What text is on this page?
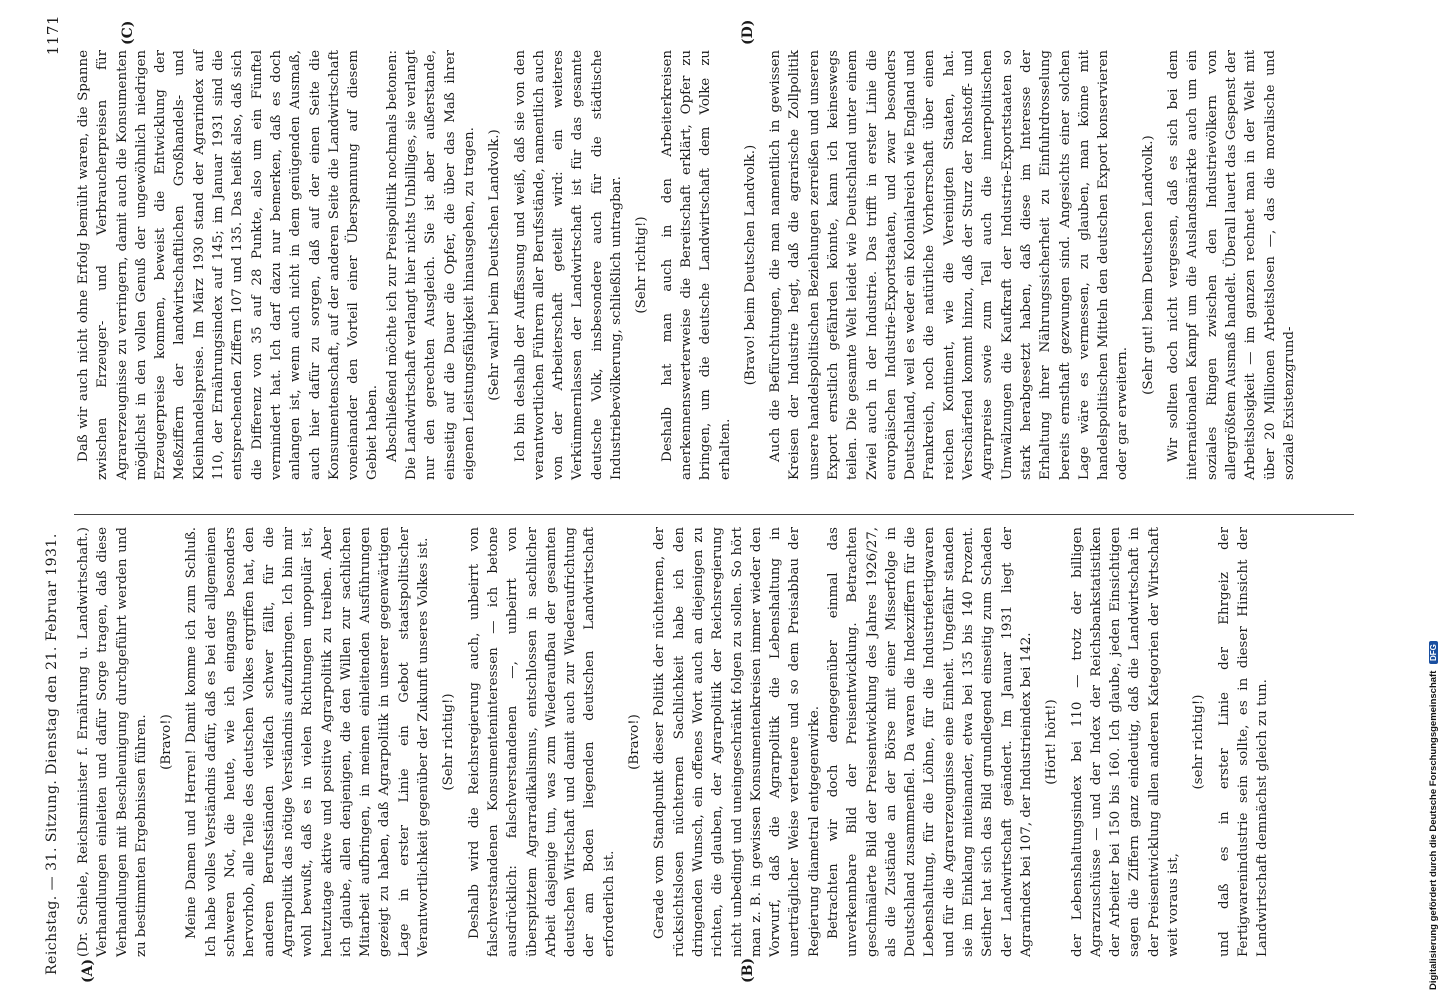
Reichstag. — 31. Sitzung. Dienstag den 21. Februar 1931.
1171

(Dr. Schiele, Reichsminister f. Ernährung u. Landwirtschaft.) Verhandlungen einleiten und dafür Sorge tragen, daß diese Verhandlungen mit Beschleunigung durchgeführt werden und zu bestimmten Ergebnissen führen. (Bravo!) Meine Damen und Herren! Damit komme ich zum Schluß. Ich habe volles Verständnis dafür, daß es bei der allgemeinen schweren Not, die heute, wie ich eingangs besonders hervorhob, alle Teile des deutschen Volkes ergriffen hat, den anderen Berufsständen vielfach schwer fällt, für die Agrarpolitik das nötige Verständnis aufzubringen. Ich bin mir wohl bewußt, daß es in vielen Richtungen unpopulär ist, heutzutage aktive und positive Agrarpolitik zu treiben. Aber ich glaube, allen denjenigen, die den Willen zur sachlichen Mitarbeit aufbringen, in meinen einleitenden Ausführungen gezeigt zu haben, daß Agrarpolitik in unserer gegenwärtigen Lage in erster Linie ein Gebot staatspolitischer Verantwortlichkeit gegenüber der Zukunft unseres Volkes ist. (Sehr richtig!) Deshalb wird die Reichsregierung auch, unbeirrt von falschverstandenen Konsumenteninteressen — ich betone ausdrücklich: falschverstandenen —, unbeirrt von überspitztem Agrarradikalismus, entschlossen in sachlicher Arbeit dasjenige tun, was zum Wiederaufbau der gesamten deutschen Wirtschaft und damit auch zur Wiederaufrichtung der am Boden liegenden deutschen Landwirtschaft erforderlich ist.

(Bravo!) Gerade vom Standpunkt dieser Politik der nüchternen, der rücksichtslosen nüchternen Sachlichkeit habe ich den dringenden Wunsch, ein offenes Wort auch an diejenigen zu richten, die glauben, der Agrarpolitik der Reichsregierung nicht unbedingt und uneingeschränkt folgen zu sollen. So hört man z. B. in gewissen Konsumentenkreisen immer wieder den Vorwurf, daß die Agrarpolitik die Lebenshaltung in unerträglicher Weise verteuere und so dem Preisabbau der Regierung diametral entgegenwirke. Betrachten wir doch demgegenüber einmal das unverkennbare Bild der Preisentwicklung. Betrachten geschmälerte Bild der Preisentwicklung des Jahres 1926/27, als die Zustände an der Börse mit einer Misserfolge in Deutschland zusammenfiel. Da waren die Indexziffern für die Lebenshaltung, für die Löhne, für die Industriefertigwaren und für die Agrarerzeugnisse eine Einheit. Ungefähr standen sie im Einklang miteinander, etwa bei 135 bis 140 Prozent. Seither hat sich das Bild grundlegend einseitig zum Schaden der Landwirtschaft geändert. Im Januar 1931 liegt der Agrarindex bei 107, der Industrieindex bei 142. (Hört! hört!) der Lebenshaltungsindex bei 110 — trotz der billigen Agrarzuschüsse — und der Index der Reichsbankstatistiken der Arbeiter bei 150 bis 160. Ich glaube, jeden Einsichtigen sagen die Ziffern ganz eindeutig, daß die Landwirtschaft in der Preisentwicklung allen anderen Kategorien der Wirtschaft weit voraus ist,

(sehr richtig!) und daß es in erster Linie der Ehrgeiz der Fertigwarenindustrie sein sollte, es in dieser Hinsicht der Landwirtschaft demnächst gleich zu tun.

Daß wir auch nicht ohne Erfolg bemüht waren, die Spanne zwischen Erzeuger- und Verbraucherpreisen für Agrarerzeugnisse zu verringern, damit auch die Konsumenten möglichst in den vollen Genuß der ungewöhnlich niedrigen Erzeugerpreise kommen, beweist die Entwicklung der Meßziffern der landwirtschaftlichen Großhandels- und Kleinhandelspreise. Im März 1930 stand der Agrarindex auf 110, der Ernährungsindex auf 145; im Januar 1931 sind die entsprechenden Ziffern 107 und 135. Das heißt also, daß sich die Differenz von 35 auf 28 Punkte, also um ein Fünftel vermindert hat. Ich darf dazu nur bemerken, daß es doch anlangen ist, wenn auch nicht in dem genügenden Ausmaß, auch hier dafür zu sorgen, daß auf der einen Seite die Konsumentenschaft, auf der anderen Seite die Landwirtschaft voneinander den Vorteil einer Überspannung auf diesem Gebiet haben. Abschließend möchte ich zur Preispolitik nochmals betonen: Die Landwirtschaft verlangt hier nichts Unbilliges, sie verlangt nur den gerechten Ausgleich. Sie ist aber außerstande, einseitig auf die Dauer die Opfer, die über das Maß ihrer eigenen Leistungsfähigkeit hinausgehen, zu tragen. (Sehr wahr! beim Deutschen Landvolk.) Ich bin deshalb der Auffassung und weiß, daß sie von den verantwortlichen Führern aller Berufsstände, namentlich auch von der Arbeiterschaft geteilt wird: ein weiteres Verkümmernlassen der Landwirtschaft ist für das gesamte deutsche Volk, insbesondere auch für die städtische Industriebevölkerung, schließlich untragbar. (Sehr richtig!) Deshalb hat man auch in den Arbeiterkreisen anerkennenswerterweise die Bereitschaft erklärt, Opfer zu bringen, um die deutsche Landwirtschaft dem Volke zu erhalten.

(Bravo! beim Deutschen Landvolk.) Auch die Befürchtungen, die man namentlich in gewissen Kreisen der Industrie hegt, daß die agrarische Zollpolitik unsere handelspolitischen Beziehungen zerreißen und unseren Export ernstlich gefährden könnte, kann ich keineswegs teilen. Die gesamte Welt leidet wie Deutschland unter einem Zwiel auch in der Industrie. Das trifft in erster Linie die europäischen Industrie-Exportstaaten, und zwar besonders Deutschland, weil es weder ein Kolonialreich wie England und Frankreich, noch die natürliche Vorherrschaft über einen reichen Kontinent, wie die Vereinigten Staaten, hat. Verschärfend kommt hinzu, daß der Sturz der Rohstoff- und Agrarpreise sowie zum Teil auch die innerpolitischen Umwälzungen die Kaufkraft der Industrie-Exportstaaten so stark herabgesetzt haben, daß diese im Interesse der Erhaltung ihrer Nährungssicherheit zu Einfuhrdrosselung bereits ernsthaft gezwungen sind. Angesichts einer solchen Lage wäre es vermessen, zu glauben, man könne mit handelspolitischen Mitteln den deutschen Export konservieren oder gar erweitern.

(Sehr gut! beim Deutschen Landvolk.) Wir sollten doch nicht vergessen, daß es sich bei dem internationalen Kampf um die Auslandsmärkte auch um ein soziales Ringen zwischen den Industrievölkern von allergrößtem Ausmaß handelt. Überall lauert das Gespenst der Arbeitslosigkeit — im ganzen rechnet man in der Welt mit über 20 Millionen Arbeitslosen —, das die moralische und soziale Existenzgrund-

(A)	(B)
(C)	(D)
Digitalisierung gefördert durch die Deutsche Forschungsgemeinschaft DFG
